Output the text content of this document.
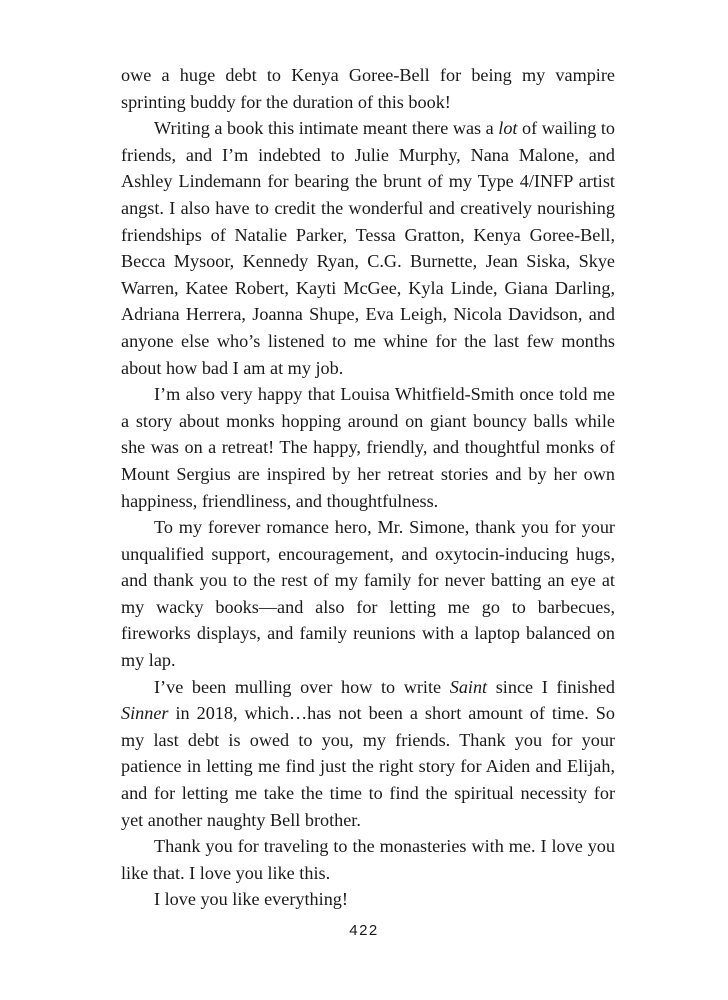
owe a huge debt to Kenya Goree-Bell for being my vampire sprinting buddy for the duration of this book!

Writing a book this intimate meant there was a lot of wailing to friends, and I’m indebted to Julie Murphy, Nana Malone, and Ashley Lindemann for bearing the brunt of my Type 4/INFP artist angst. I also have to credit the wonderful and creatively nourishing friendships of Natalie Parker, Tessa Gratton, Kenya Goree-Bell, Becca Mysoor, Kennedy Ryan, C.G. Burnette, Jean Siska, Skye Warren, Katee Robert, Kayti McGee, Kyla Linde, Giana Darling, Adriana Herrera, Joanna Shupe, Eva Leigh, Nicola Davidson, and anyone else who’s listened to me whine for the last few months about how bad I am at my job.

I’m also very happy that Louisa Whitfield-Smith once told me a story about monks hopping around on giant bouncy balls while she was on a retreat! The happy, friendly, and thoughtful monks of Mount Sergius are inspired by her retreat stories and by her own happiness, friendliness, and thoughtfulness.

To my forever romance hero, Mr. Simone, thank you for your unqualified support, encouragement, and oxytocin-inducing hugs, and thank you to the rest of my family for never batting an eye at my wacky books—and also for letting me go to barbecues, fireworks displays, and family reunions with a laptop balanced on my lap.

I’ve been mulling over how to write Saint since I finished Sinner in 2018, which…has not been a short amount of time. So my last debt is owed to you, my friends. Thank you for your patience in letting me find just the right story for Aiden and Elijah, and for letting me take the time to find the spiritual necessity for yet another naughty Bell brother.

Thank you for traveling to the monasteries with me. I love you like that. I love you like this.

I love you like everything!

422
